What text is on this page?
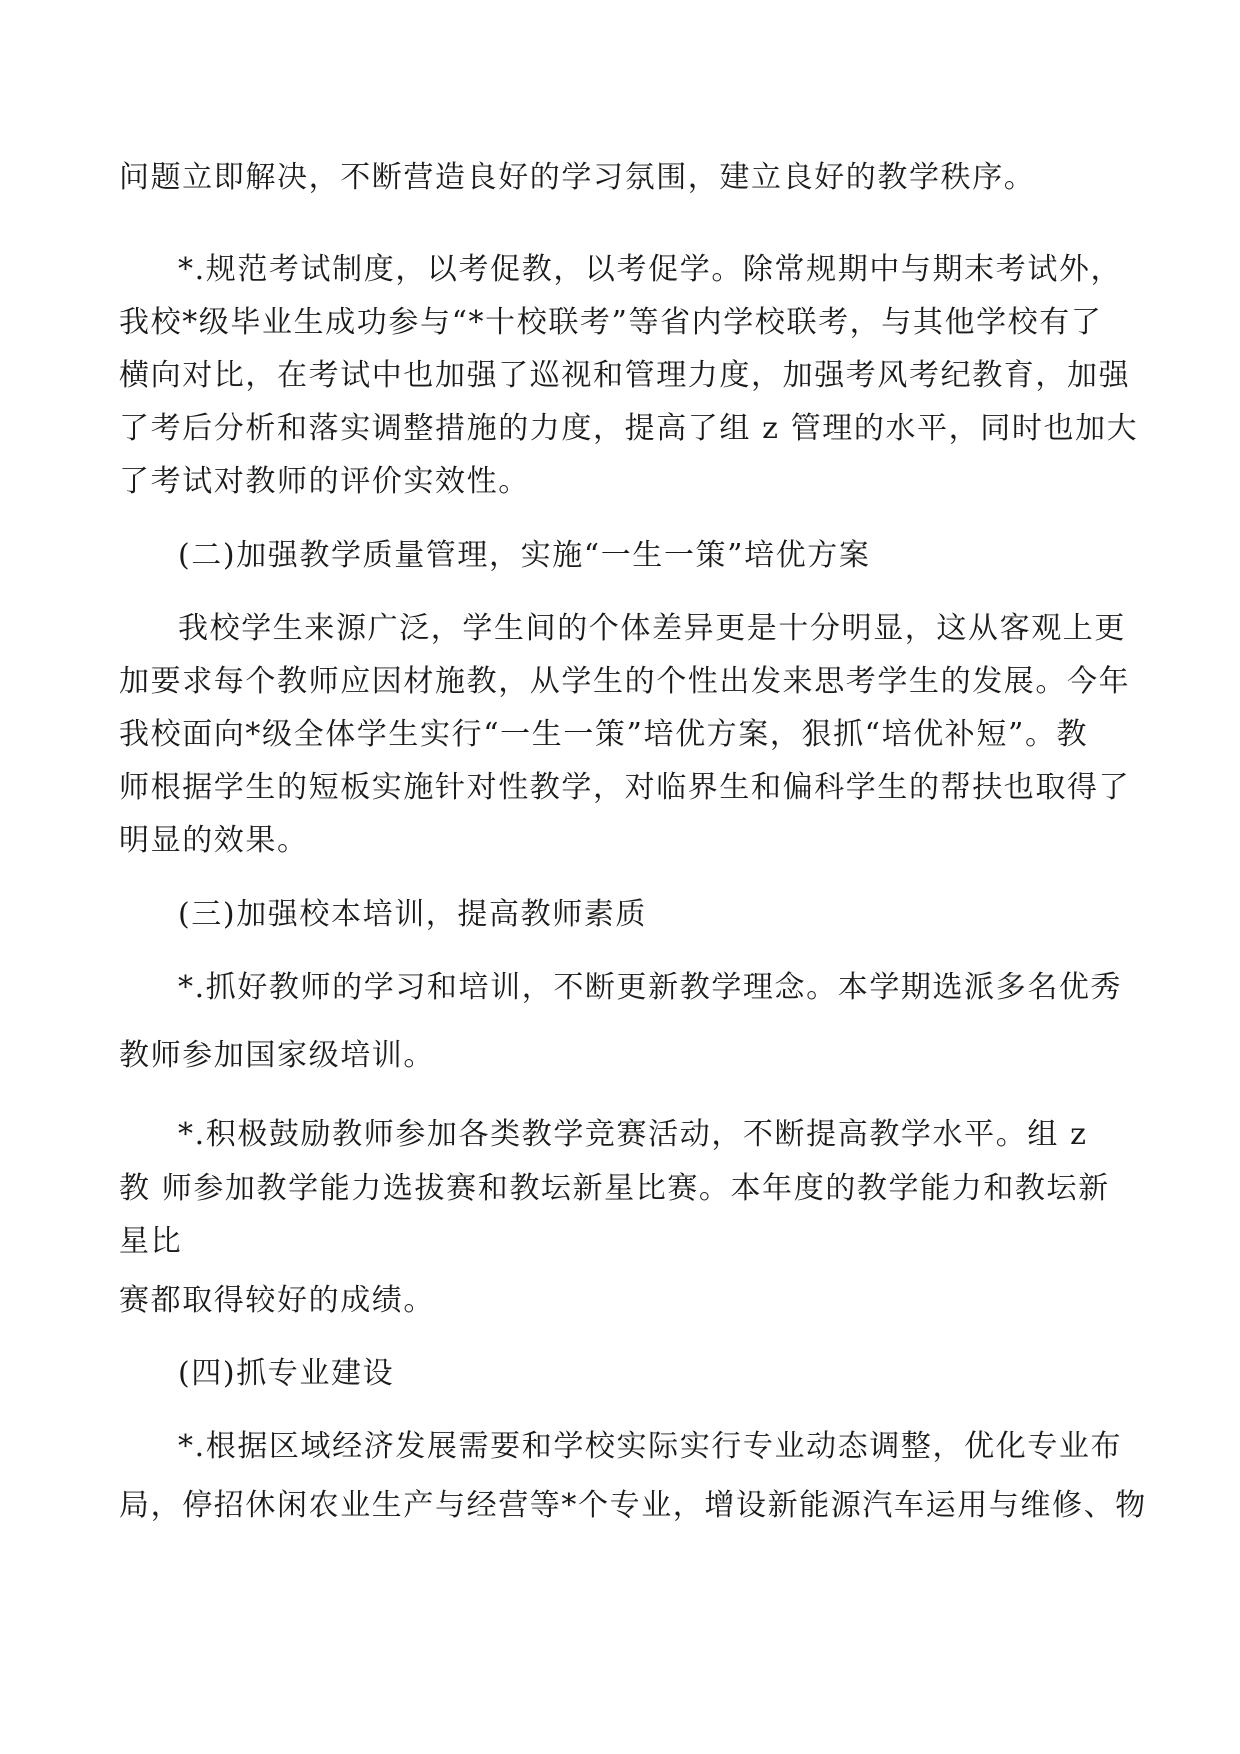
问题立即解决，不断营造良好的学习氛围，建立良好的教学秩序。
*.规范考试制度，以考促教，以考促学。除常规期中与期末考试外，
我校*级毕业生成功参与“*十校联考”等省内学校联考，与其他学校有了
横向对比，在考试中也加强了巡视和管理力度，加强考风考纪教育，加强
了考后分析和落实调整措施的力度，提高了组 z 管理的水平，同时也加大
了考试对教师的评价实效性。
(二)加强教学质量管理，实施“一生一策”培优方案
我校学生来源广泛，学生间的个体差异更是十分明显，这从客观上更
加要求每个教师应因材施教，从学生的个性出发来思考学生的发展。今年
我校面向*级全体学生实行“一生一策”培优方案，狠抓“培优补短”。教
师根据学生的短板实施针对性教学，对临界生和偏科学生的帮扶也取得了
明显的效果。
(三)加强校本培训，提高教师素质
*.抓好教师的学习和培训，不断更新教学理念。本学期选派多名优秀
教师参加国家级培训。
*.积极鼓励教师参加各类教学竞赛活动，不断提高教学水平。组 z
教 师参加教学能力选拔赛和教坛新星比赛。本年度的教学能力和教坛新
星比
赛都取得较好的成绩。
(四)抓专业建设
*.根据区域经济发展需要和学校实际实行专业动态调整，优化专业布
局，停招休闲农业生产与经营等*个专业，增设新能源汽车运用与维修、物
